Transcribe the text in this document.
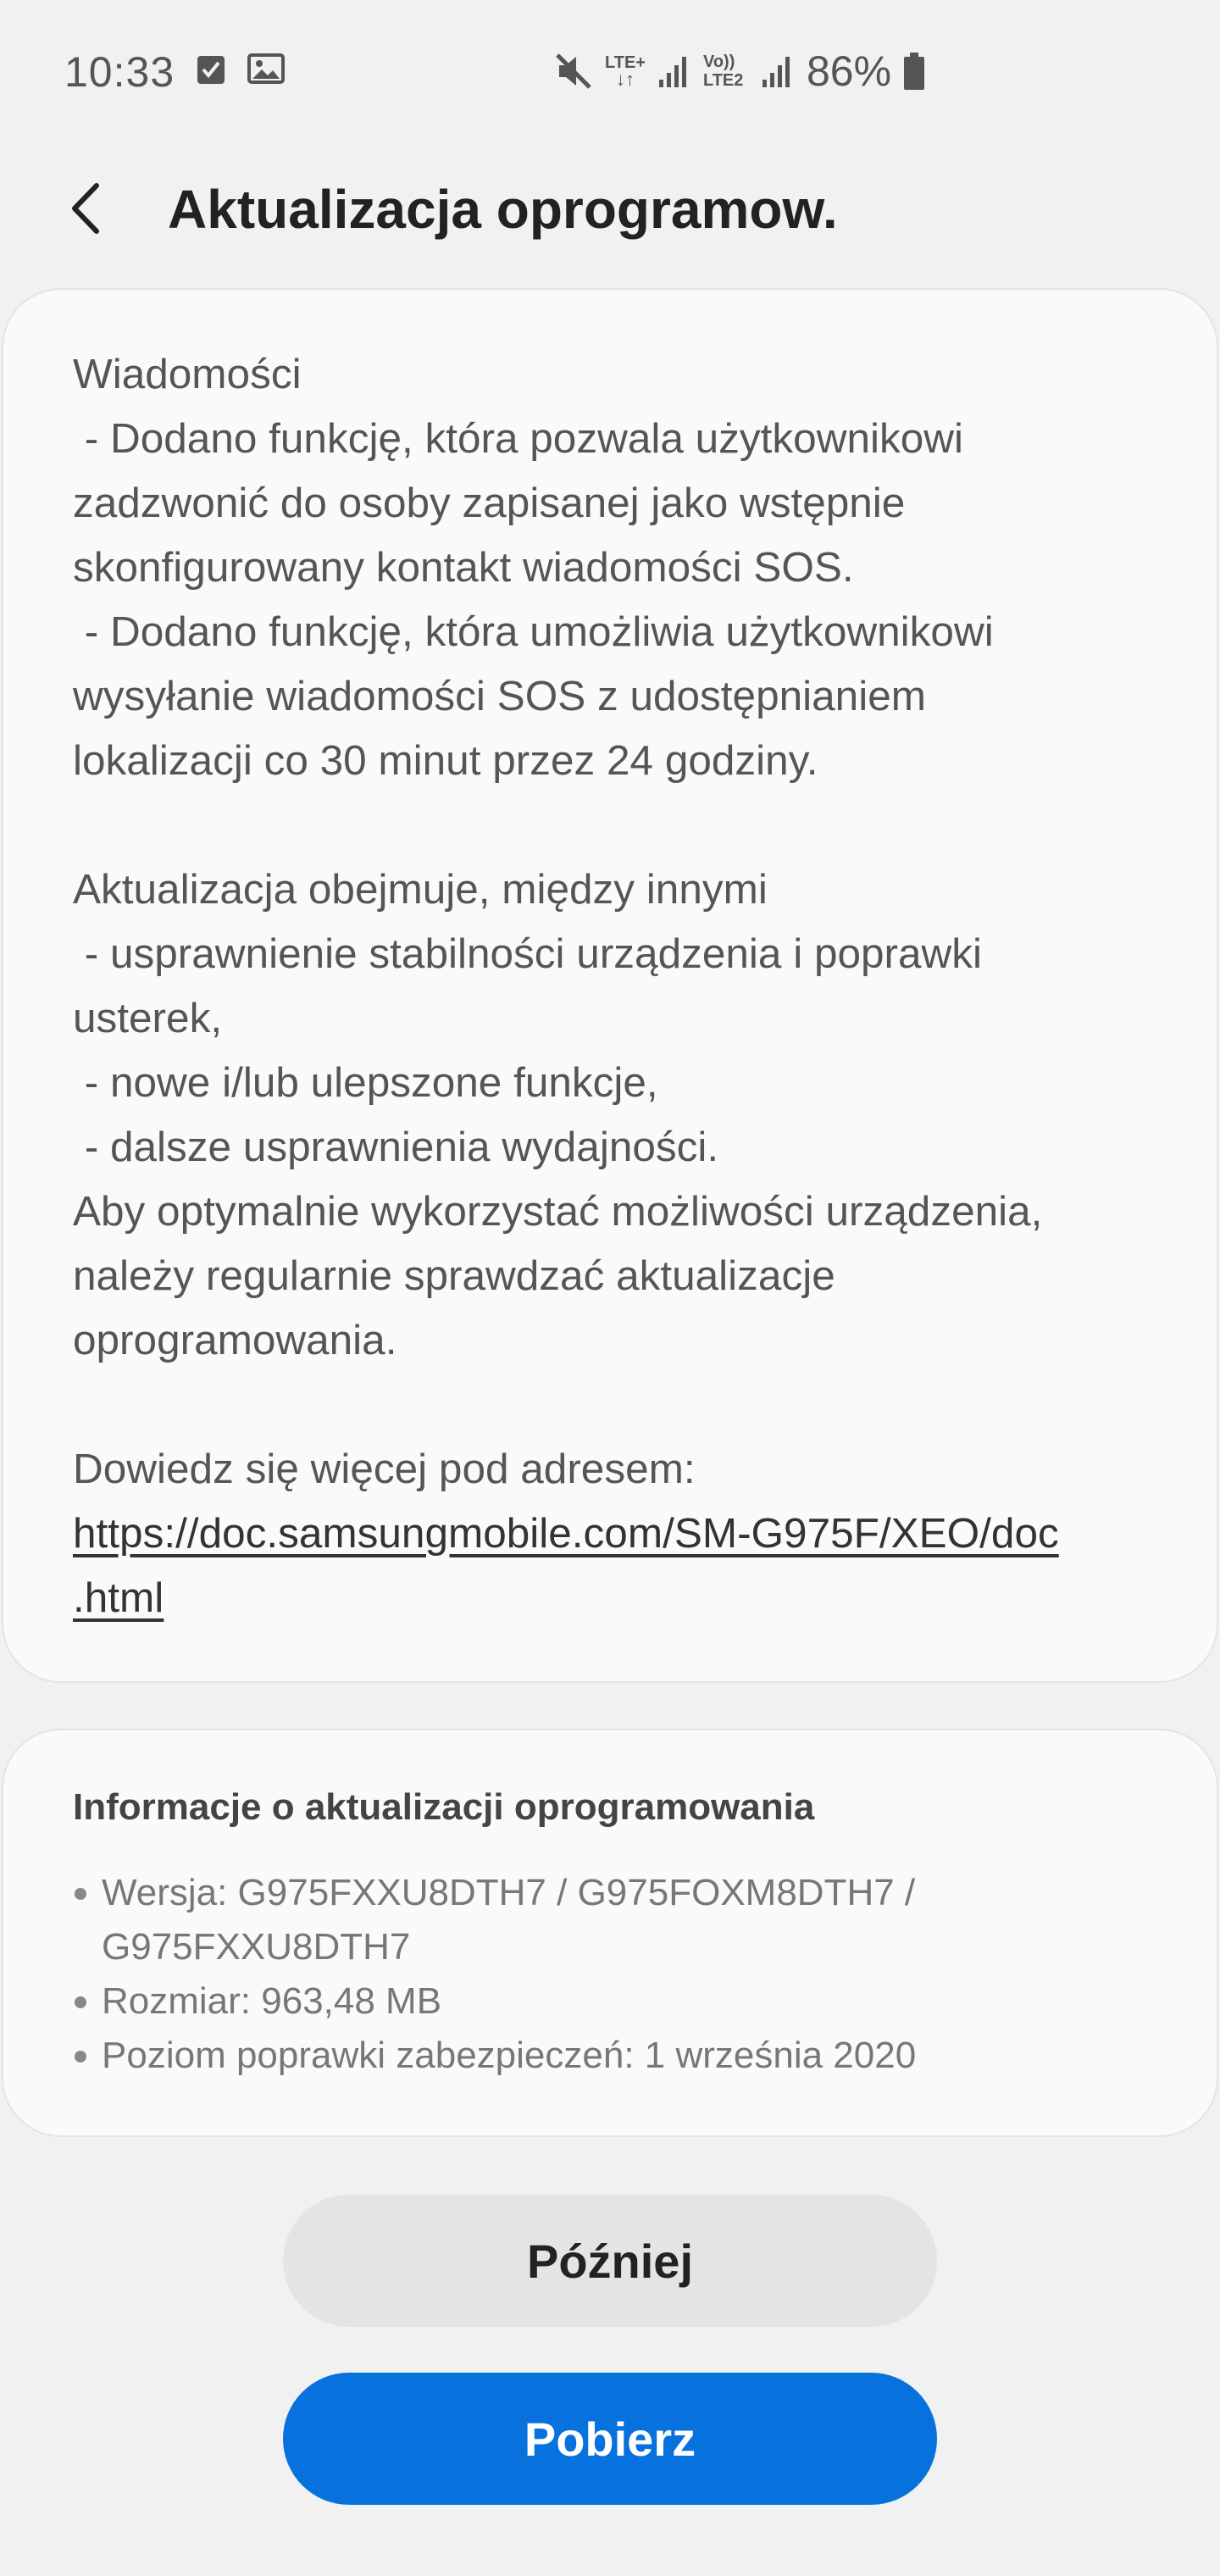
10:33	LTE+
↓↑
Vo)) LTE2 86%
Aktualizacja oprogramow.

Wiadomości
- Dodano funkcję, która pozwala użytkownikowi
zadzwonić do osoby zapisanej jako wstępnie
skonfigurowany kontakt wiadomości SOS.
- Dodano funkcję, która umożliwia użytkownikowi
wysyłanie wiadomości SOS z udostępnianiem
lokalizacji co 30 minut przez 24 godziny.

Aktualizacja obejmuje, między innymi
- usprawnienie stabilności urządzenia i poprawki
usterek,
- nowe i/lub ulepszone funkcje,
- dalsze usprawnienia wydajności.
Aby optymalnie wykorzystać możliwości urządzenia,
należy regularnie sprawdzać aktualizacje
oprogramowania.

Dowiedz się więcej pod adresem:

https://doc.samsungmobile.com/SM-G975F/XEO/doc
.html
Informacje o aktualizacji oprogramowania
Wersja: G975FXXU8DTH7 / G975FOXM8DTH7 / G975FXXU8DTH7
Rozmiar: 963,48 MB
Poziom poprawki zabezpieczeń: 1 września 2020
Później
Pobierz
